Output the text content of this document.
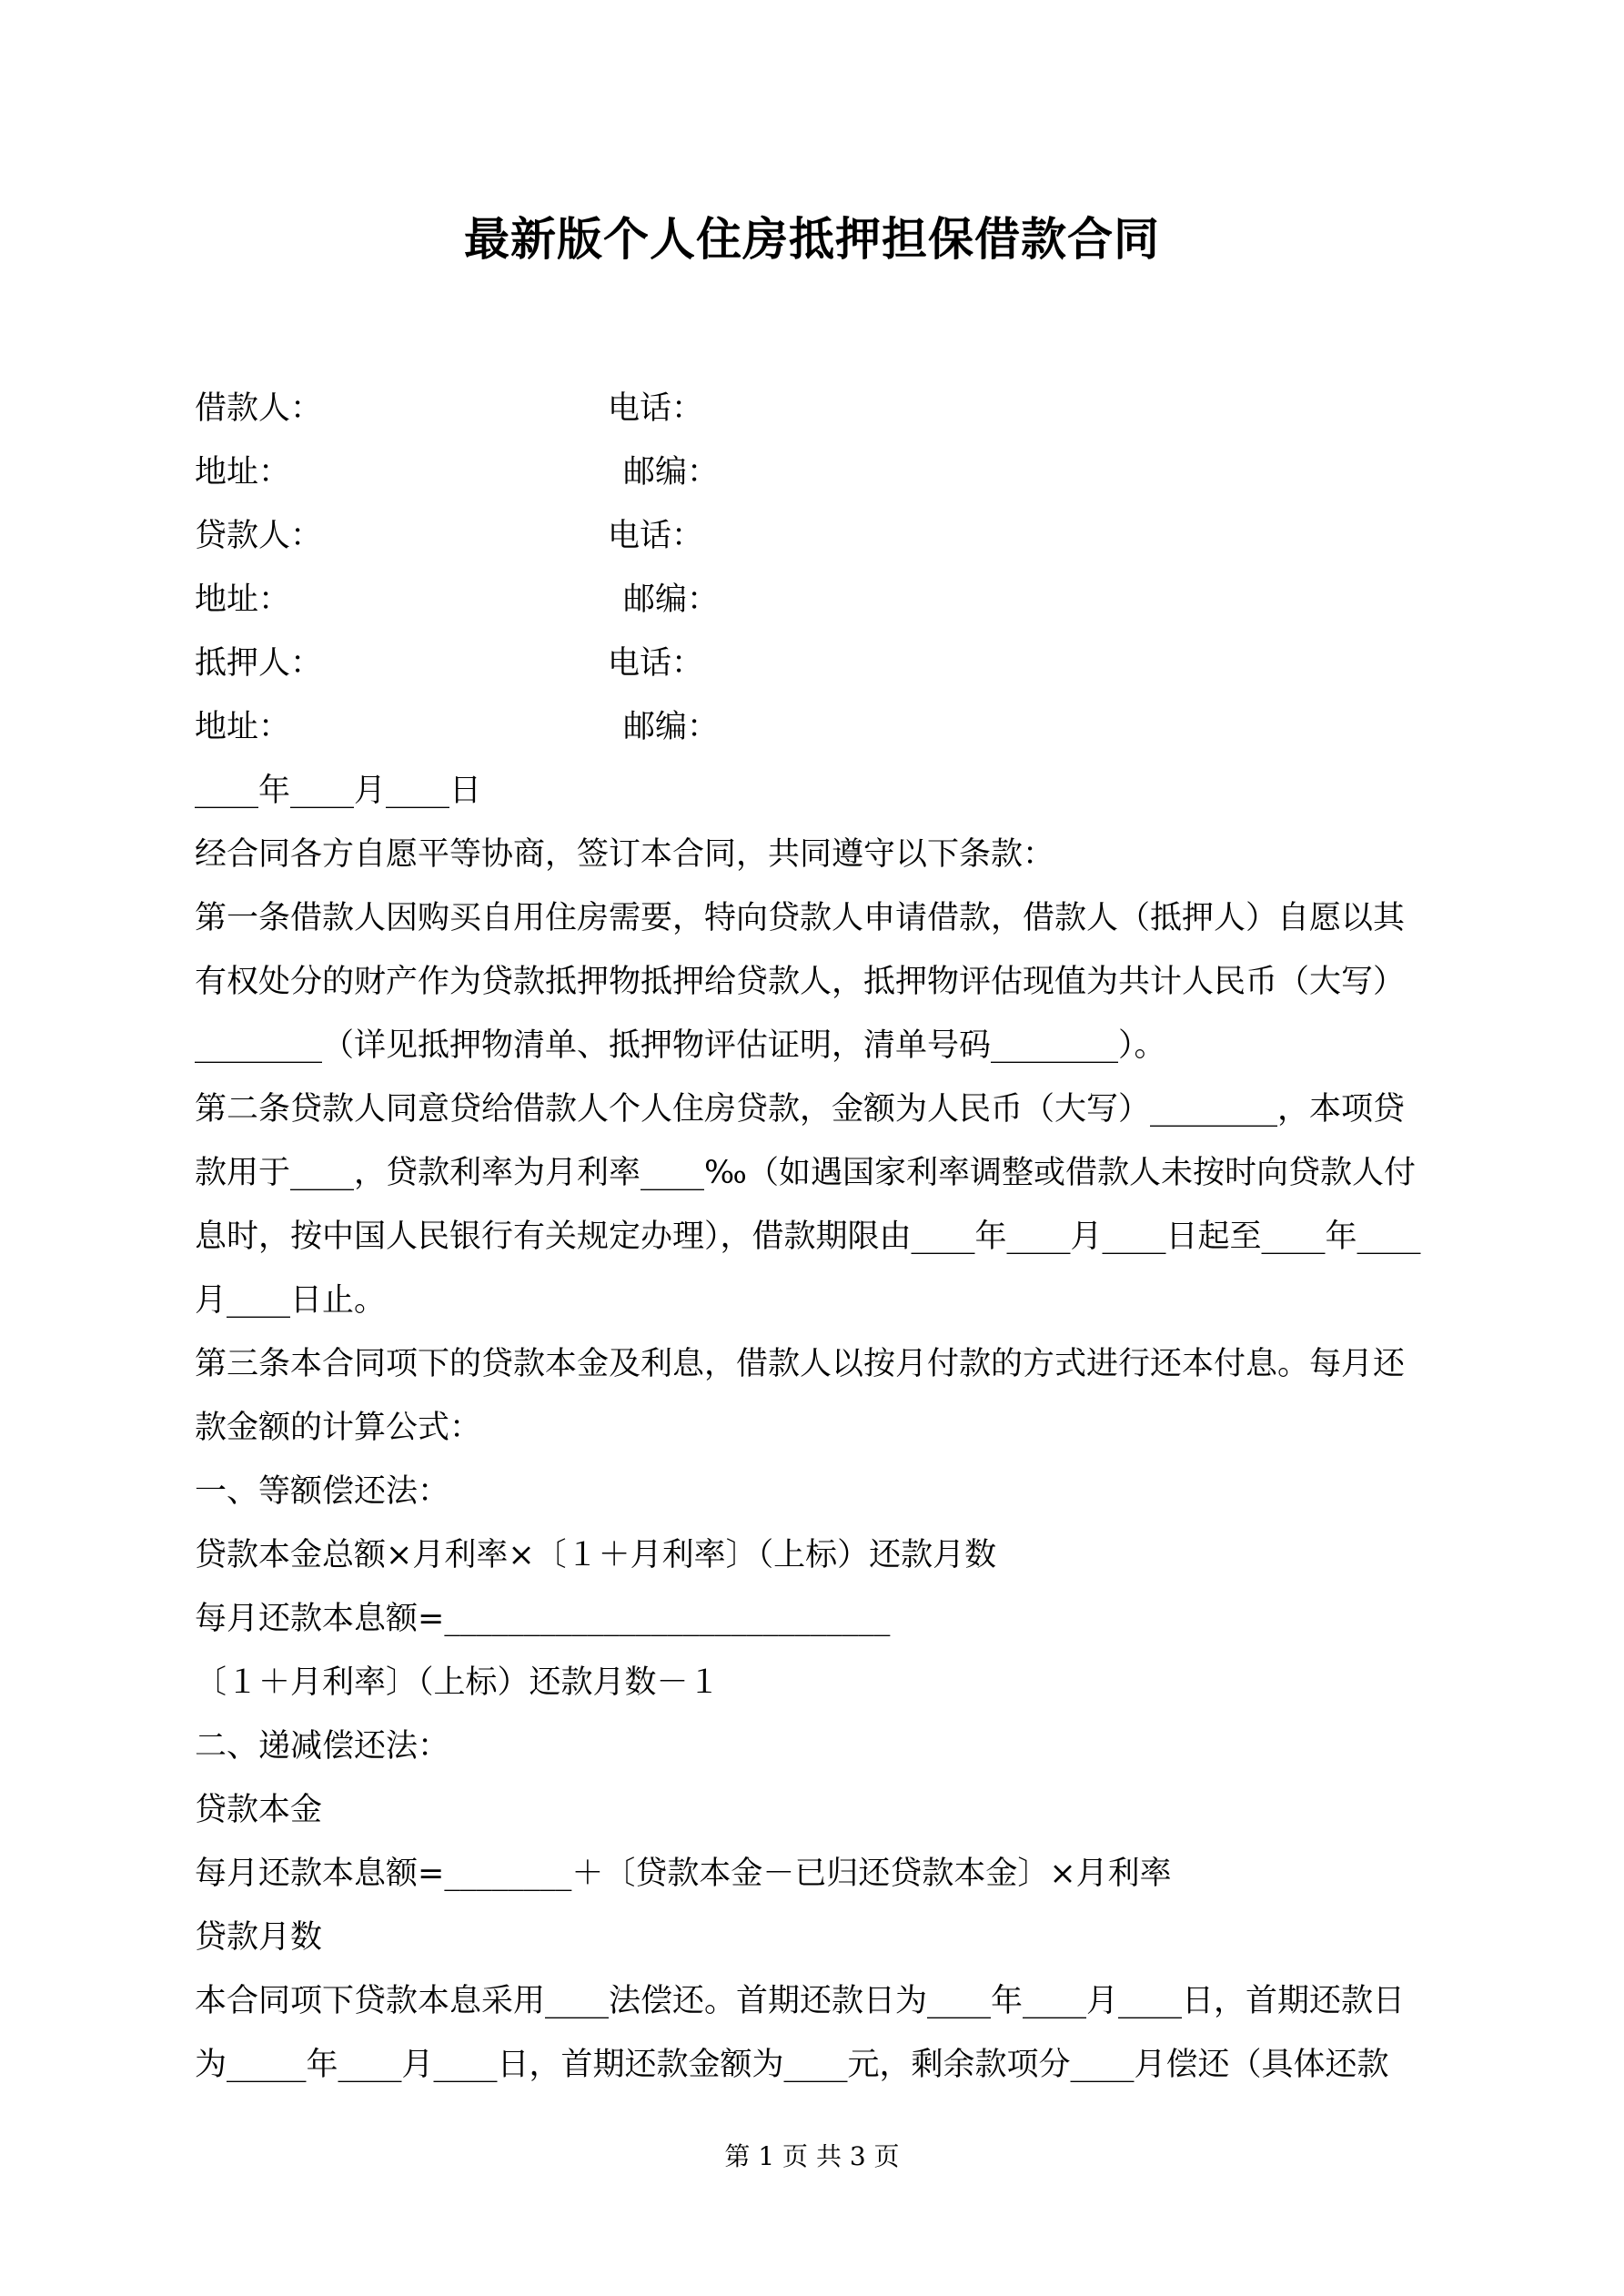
最新版个人住房抵押担保借款合同
借款人：	电话：
地址：	邮编：
贷款人：	电话：
地址：	邮编：
抵押人：	电话：
地址：	邮编：
____年____月____日
经合同各方自愿平等协商，签订本合同，共同遵守以下条款：
第一条借款人因购买自用住房需要，特向贷款人申请借款，借款人（抵押人）自愿以其
有权处分的财产作为贷款抵押物抵押给贷款人，抵押物评估现值为共计人民币（大写）
________（详见抵押物清单、抵押物评估证明，清单号码________）。
第二条贷款人同意贷给借款人个人住房贷款，金额为人民币（大写）________，本项贷
款用于____，贷款利率为月利率____‰（如遇国家利率调整或借款人未按时向贷款人付
息时，按中国人民银行有关规定办理），借款期限由____年____月____日起至____年____
月____日止。
第三条本合同项下的贷款本金及利息，借款人以按月付款的方式进行还本付息。每月还
款金额的计算公式：
一、等额偿还法：
贷款本金总额×月利率×〔１＋月利率〕（上标）还款月数
每月还款本息额=____________________________
〔１＋月利率〕（上标）还款月数－１
二、递减偿还法：
贷款本金
每月还款本息额=________＋〔贷款本金－已归还贷款本金〕×月利率
贷款月数
本合同项下贷款本息采用____法偿还。首期还款日为____年____月____日，首期还款日
为_____年____月____日，首期还款金额为____元，剩余款项分____月偿还（具体还款
第 1 页 共 3 页
